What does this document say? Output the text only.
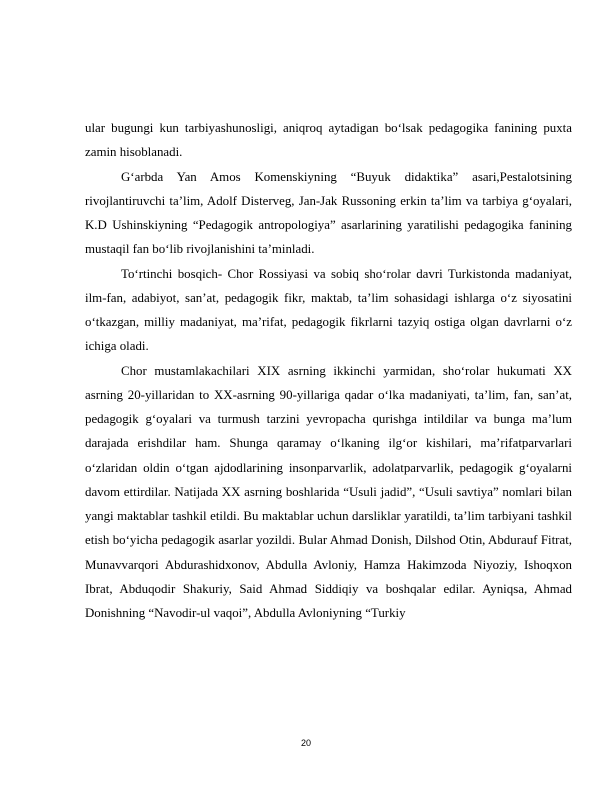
ular bugungi kun tarbiyashunosligi, aniqroq aytadigan bo‘lsak pedagogika fanining puxta zamin hisoblanadi.

G‘arbda Yan Amos Komenskiyning “Buyuk didaktika” asari,Pestalotsining rivojlantiruvchi ta’lim, Adolf Disterveg, Jan-Jak Russoning erkin ta’lim va tarbiya g‘oyalari, K.D Ushinskiyning “Pedagogik antropologiya” asarlarining yaratilishi pedagogika fanining mustaqil fan bo‘lib rivojlanishini ta’minladi.

To‘rtinchi bosqich- Chor Rossiyasi va sobiq sho‘rolar davri Turkistonda madaniyat, ilm-fan, adabiyot, san’at, pedagogik fikr, maktab, ta’lim sohasidagi ishlarga o‘z siyosatini o‘tkazgan, milliy madaniyat, ma’rifat, pedagogik fikrlarni tazyiq ostiga olgan davrlarni o‘z ichiga oladi.

Chor mustamlakachilari XIX asrning ikkinchi yarmidan, sho‘rolar hukumati XX asrning 20-yillaridan to XX-asrning 90-yillariga qadar o‘lka madaniyati, ta’lim, fan, san’at, pedagogik g‘oyalari va turmush tarzini yevropacha qurishga intildilar va bunga ma’lum darajada erishdilar ham. Shunga qaramay o‘lkaning ilg‘or kishilari, ma’rifatparvarlari o‘zlaridan oldin o‘tgan ajdodlarining insonparvarlik, adolatparvarlik, pedagogik g‘oyalarni davom ettirdilar. Natijada XX asrning boshlarida “Usuli jadid”, “Usuli savtiya” nomlari bilan yangi maktablar tashkil etildi. Bu maktablar uchun darsliklar yaratildi, ta’lim tarbiyani tashkil etish bo‘yicha pedagogik asarlar yozildi. Bular Ahmad Donish, Dilshod Otin, Abdurauf Fitrat, Munavvarqori Abdurashidxonov, Abdulla Avloniy, Hamza Hakimzoda Niyoziy, Ishoqxon Ibrat, Abduqodir Shakuriy, Said Ahmad Siddiqiy va boshqalar edilar. Ayniqsa, Ahmad Donishning “Navodir-ul vaqoi”, Abdulla Avloniyning “Turkiy

20
